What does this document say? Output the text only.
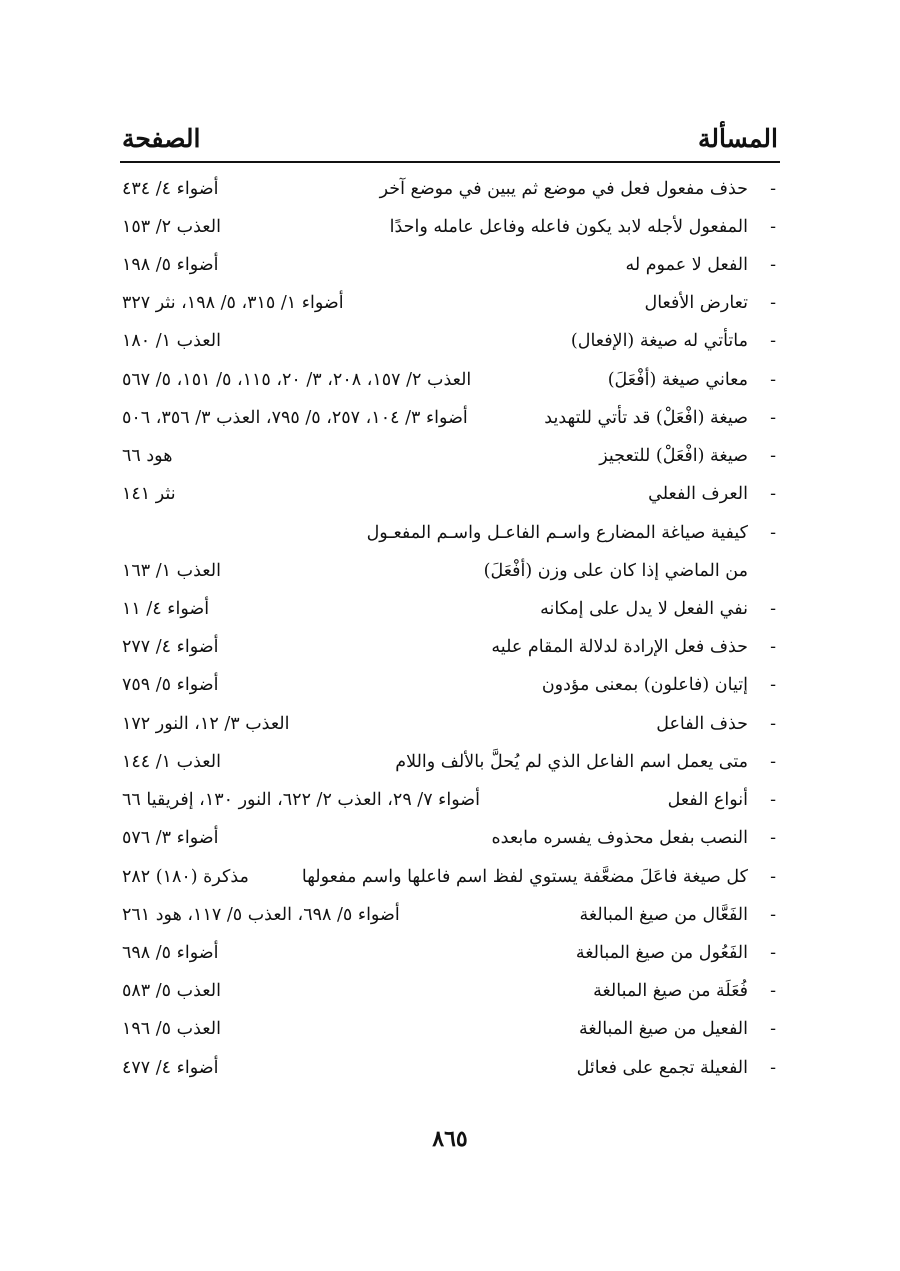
المسألة
الصفحة
-
حذف مفعول فعل في موضع ثم يبين في موضع آخر
أضواء ٤/ ٤٣٤
-
المفعول لأجله لابد يكون فاعله وفاعل عامله واحدًا
العذب ٢/ ١٥٣
-
الفعل لا عموم له
أضواء ٥/ ١٩٨
-
تعارض الأفعال
أضواء ١/ ٣١٥، ٥/ ١٩٨، نثر ٣٢٧
-
ماتأتي له صيغة (الإفعال)
العذب ١/ ١٨٠
-
معاني صيغة (أفْعَلَ)
العذب ٢/ ١٥٧، ٢٠٨، ٣/ ٢٠، ١١٥، ٥/ ١٥١، ٥/ ٥٦٧
-
صيغة (افْعَلْ) قد تأتي للتهديد
أضواء ٣/ ١٠٤، ٢٥٧، ٥/ ٧٩٥، العذب ٣/ ٣٥٦، ٥٠٦
-
صيغة (افْعَلْ) للتعجيز
هود ٦٦
-
العرف الفعلي
نثر ١٤١
-
كيفية صياغة المضارع واسـم الفاعـل واسـم المفعـول
من الماضي إذا كان على وزن (أفْعَلَ)
العذب ١/ ١٦٣
-
نفي الفعل لا يدل على إمكانه
أضواء ٤/ ١١
-
حذف فعل الإرادة لدلالة المقام عليه
أضواء ٤/ ٢٧٧
-
إتيان (فاعلون) بمعنى مؤدون
أضواء ٥/ ٧٥٩
-
حذف الفاعل
العذب ٣/ ١٢، النور ١٧٢
-
متى يعمل اسم الفاعل الذي لم يُحلَّ بالألف واللام
العذب ١/ ١٤٤
-
أنواع الفعل
أضواء ٧/ ٢٩، العذب ٢/ ٦٢٢، النور ١٣٠، إفريقيا ٦٦
-
النصب بفعل محذوف يفسره مابعده
أضواء ٣/ ٥٧٦
-
كل صيغة فاعَلَ مضعَّفة يستوي لفظ اسم فاعلها واسم مفعولها
مذكرة (١٨٠) ٢٨٢
-
الفَعَّال من صيغ المبالغة
أضواء ٥/ ٦٩٨، العذب ٥/ ١١٧، هود ٢٦١
-
الفَعُول من صيغ المبالغة
أضواء ٥/ ٦٩٨
-
فُعَلَة من صيغ المبالغة
العذب ٥/ ٥٨٣
-
الفعيل من صيغ المبالغة
العذب ٥/ ١٩٦
-
الفعيلة تجمع على فعائل
أضواء ٤/ ٤٧٧
٨٦٥
